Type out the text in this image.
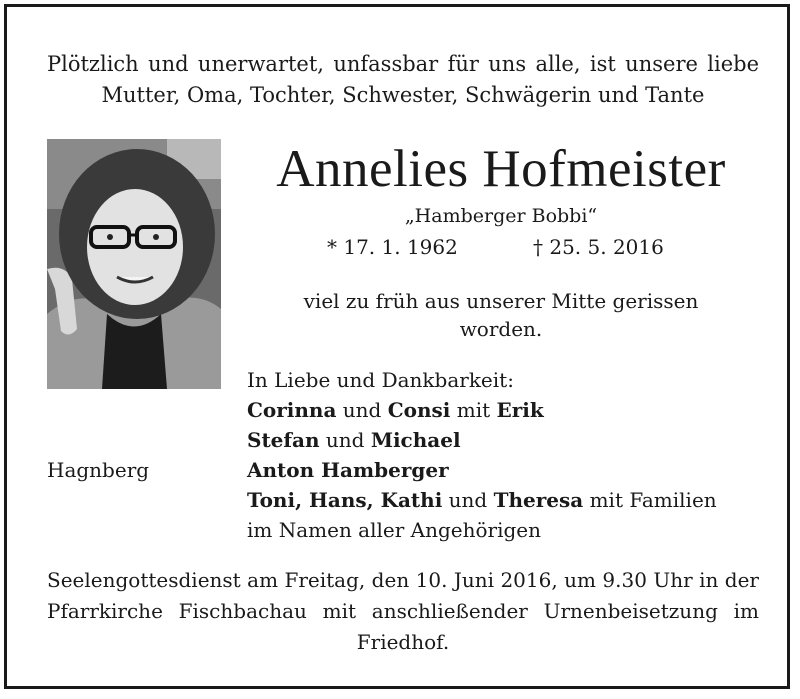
Plötzlich und unerwartet, unfassbar für uns alle, ist unsere liebe Mutter, Oma, Tochter, Schwester, Schwägerin und Tante
Annelies Hofmeister
„Hamberger Bobbi“
* 17. 1. 1962	† 25. 5. 2016
viel zu früh aus unserer Mitte gerissen worden.
In Liebe und Dankbarkeit:
Corinna und Consi mit Erik
Stefan und Michael
Anton Hamberger
Toni, Hans, Kathi und Theresa mit Familien
im Namen aller Angehörigen
Hagnberg
Seelengottesdienst am Freitag, den 10. Juni 2016, um 9.30 Uhr in der Pfarrkirche Fischbachau mit anschließender Urnenbeisetzung im Friedhof.
